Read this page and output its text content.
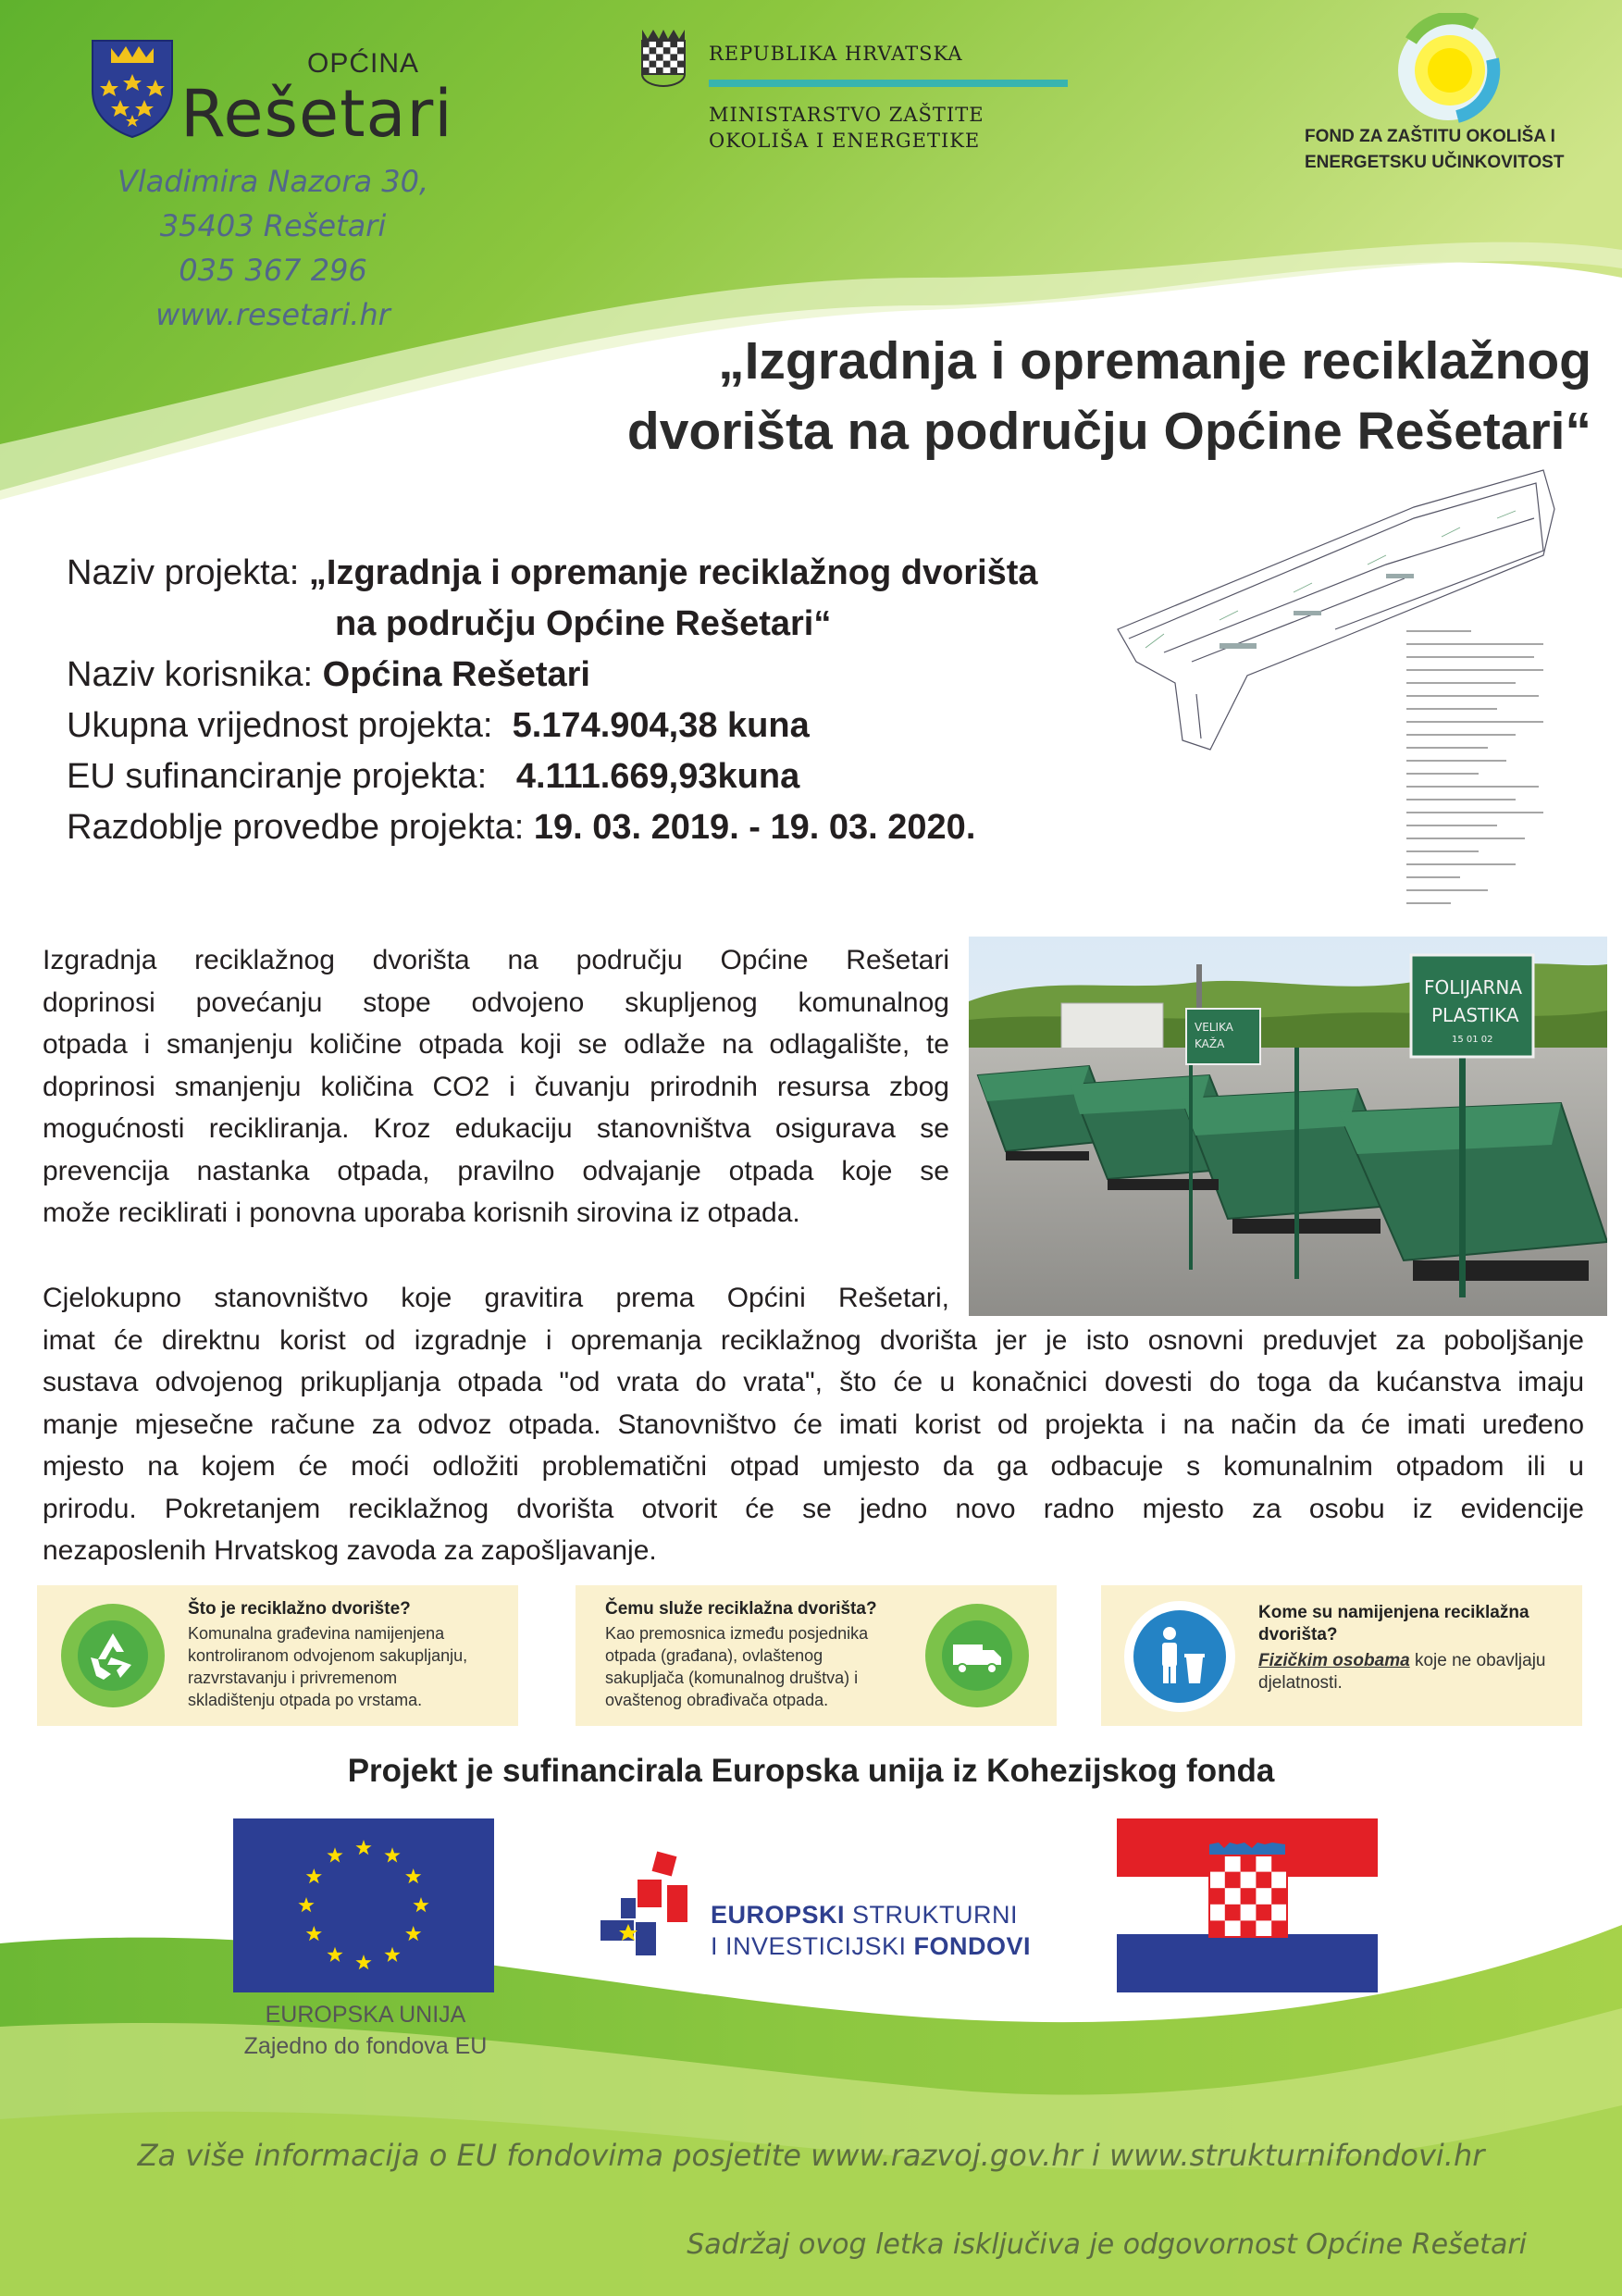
OPĆINA
Rešetari
Vladimira Nazora 30,
35403 Rešetari
035 367 296
www.resetari.hr
REPUBLIKA HRVATSKA
MINISTARSTVO ZAŠTITE
OKOLIŠA I ENERGETIKE	FOND ZA ZAŠTITU OKOLIŠA I
ENERGETSKU UČINKOVITOST
„Izgradnja i opremanje reciklažnog
dvorišta na području Općine Rešetari“
Naziv projekta: „Izgradnja i opremanje reciklažnog dvorišta
na području Općine Rešetari“
Naziv korisnika: Općina Rešetari
Ukupna vrijednost projekta: 5.174.904,38 kuna
EU sufinanciranje projekta: 4.111.669,93kuna
Razdoblje provedbe projekta: 19. 03. 2019. - 19. 03. 2020.
Izgradnja reciklažnog dvorišta na području Općine Rešetari
doprinosi povećanju stope odvojeno skupljenog komunalnog
otpada i smanjenju količine otpada koji se odlaže na odlagalište, te
doprinosi smanjenju količina CO2 i čuvanju prirodnih resursa zbog
mogućnosti recikliranja. Kroz edukaciju stanovništva osigurava se
prevencija nastanka otpada, pravilno odvajanje otpada koje se
može reciklirati i ponovna uporaba korisnih sirovina iz otpada.
VELIKA
KAŽA
FOLIJARNA
PLASTIKA
15 01 02
Cjelokupno stanovništvo koje gravitira prema Općini Rešetari,
imat će direktnu korist od izgradnje i opremanja reciklažnog dvorišta jer je isto osnovni preduvjet za poboljšanje
sustava odvojenog prikupljanja otpada "od vrata do vrata", što će u konačnici dovesti do toga da kućanstva imaju
manje mjesečne račune za odvoz otpada. Stanovništvo će imati korist od projekta i na način da će imati uređeno
mjesto na kojem će moći odložiti problematični otpad umjesto da ga odbacuje s komunalnim otpadom ili u
prirodu. Pokretanjem reciklažnog dvorišta otvorit će se jedno novo radno mjesto za osobu iz evidencije
nezaposlenih Hrvatskog zavoda za zapošljavanje.
Što je reciklažno dvorište?
Komunalna građevina namijenjena
kontroliranom odvojenom sakupljanju,
razvrstavanju i privremenom
skladištenju otpada po vrstama.
Čemu služe reciklažna dvorišta?
Kao premosnica između posjednika
otpada (građana), ovlaštenog
sakupljača (komunalnog društva) i
ovaštenog obrađivača otpada.
Kome su namijenjena reciklažna
dvorišta?
Fizičkim osobama koje ne obavljaju
djelatnosti.
Projekt je sufinancirala Europska unija iz Kohezijskog fonda
EUROPSKA UNIJA
Zajedno do fondova EU
EUROPSKI STRUKTURNI
I INVESTICIJSKI FONDOVI
Za više informacija o EU fondovima posjetite www.razvoj.gov.hr i www.strukturnifondovi.hr
Sadržaj ovog letka isključiva je odgovornost Općine Rešetari
